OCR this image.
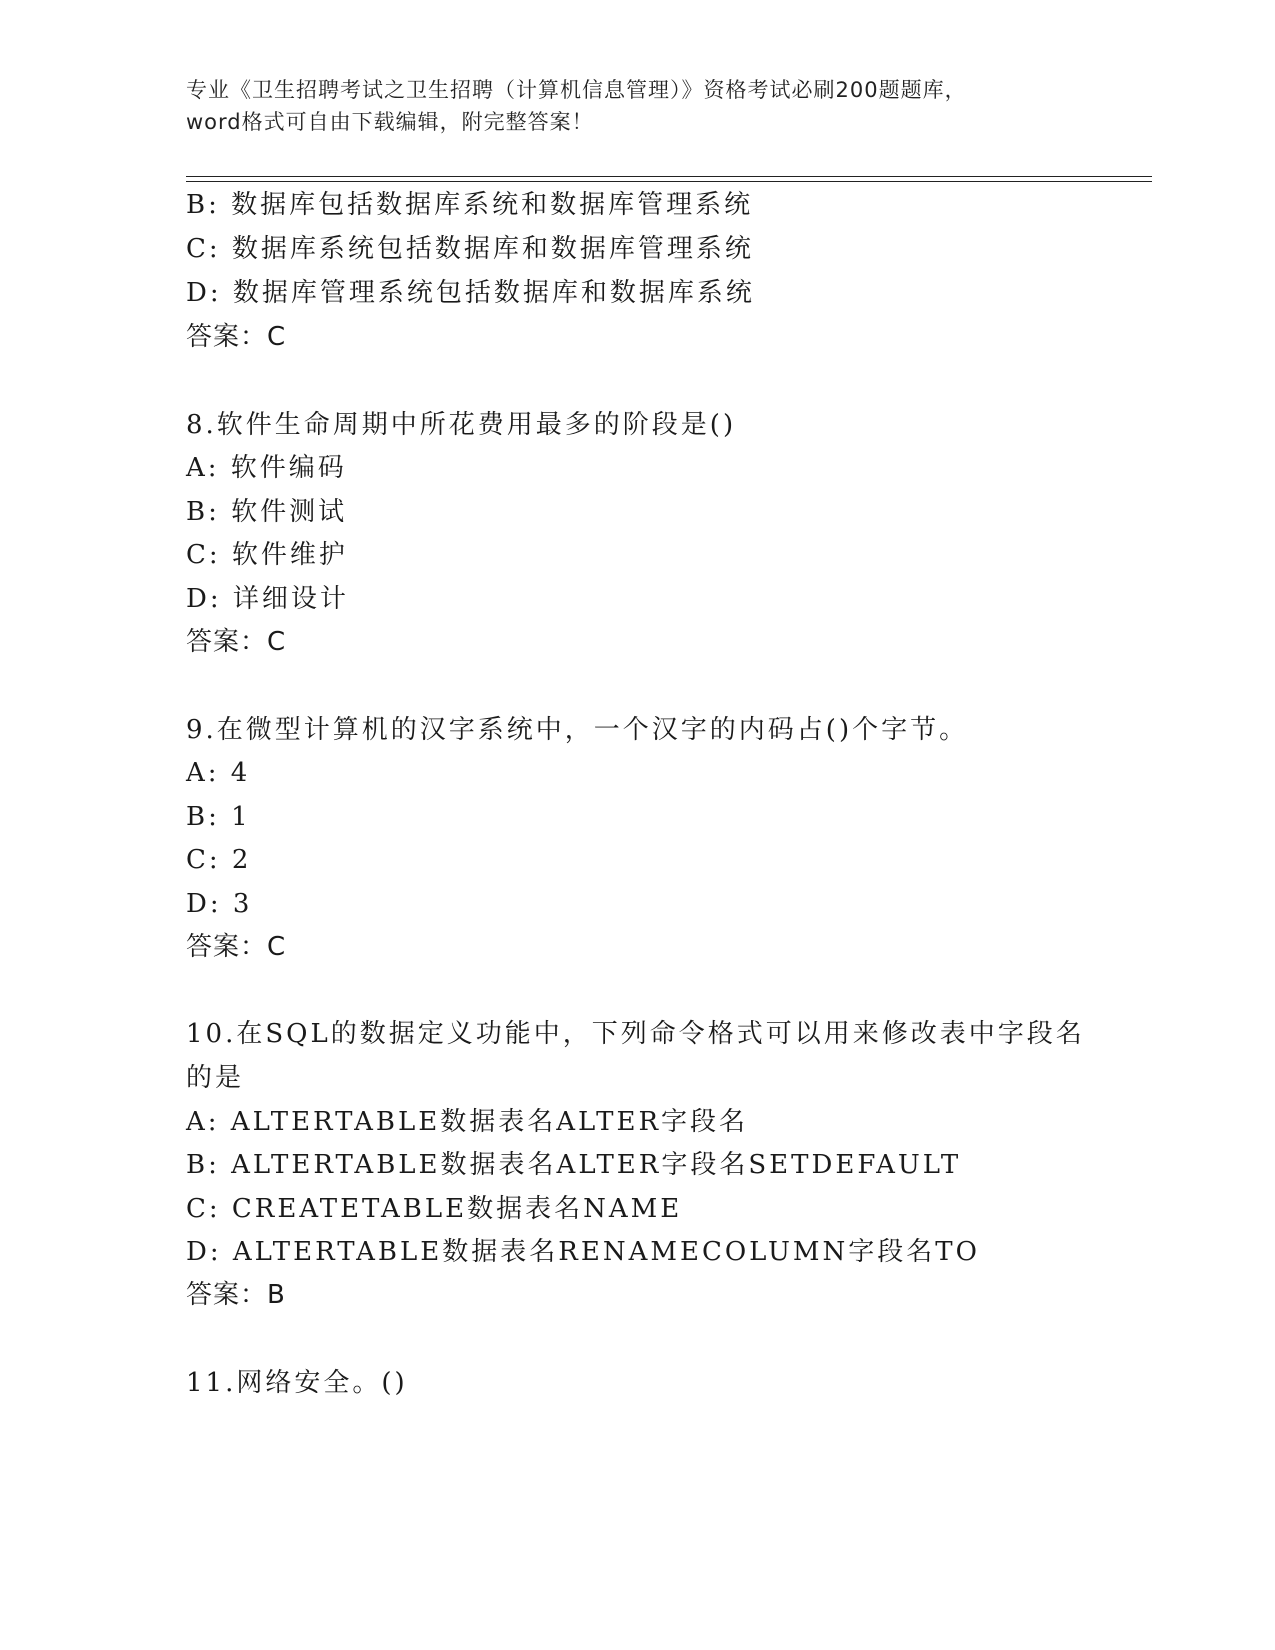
专业《卫生招聘考试之卫生招聘（计算机信息管理）》资格考试必刷200题题库，
word格式可自由下载编辑，附完整答案！
B: 数据库包括数据库系统和数据库管理系统
C: 数据库系统包括数据库和数据库管理系统
D: 数据库管理系统包括数据库和数据库系统
答案：C
8.软件生命周期中所花费用最多的阶段是()
A: 软件编码
B: 软件测试
C: 软件维护
D: 详细设计
答案：C
9.在微型计算机的汉字系统中，一个汉字的内码占()个字节。
A: 4
B: 1
C: 2
D: 3
答案：C
10.在SQL的数据定义功能中，下列命令格式可以用来修改表中字段名
的是
A: ALTERTABLE数据表名ALTER字段名
B: ALTERTABLE数据表名ALTER字段名SETDEFAULT
C: CREATETABLE数据表名NAME
D: ALTERTABLE数据表名RENAMECOLUMN字段名TO
答案：B
11.网络安全。()
